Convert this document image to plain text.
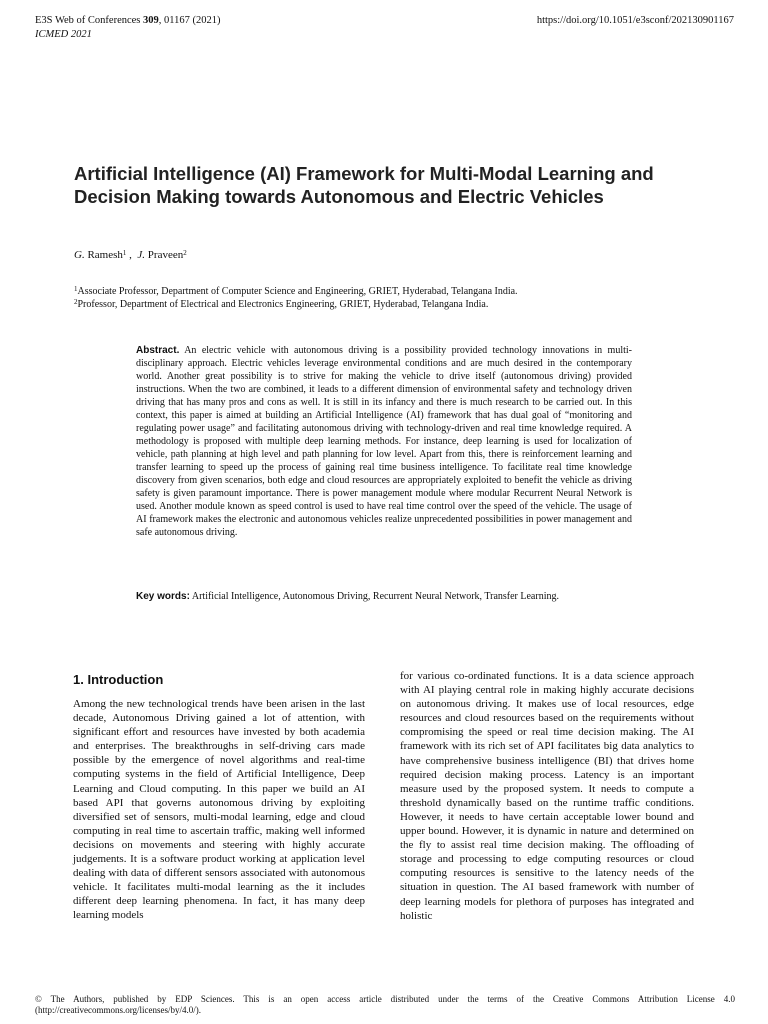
E3S Web of Conferences 309, 01167 (2021)
ICMED 2021
https://doi.org/10.1051/e3sconf/202130901167
Artificial Intelligence (AI) Framework for Multi-Modal Learning and Decision Making towards Autonomous and Electric Vehicles
G. Ramesh$^1$ ,  J. Praveen$^2$
$^1$Associate Professor, Department of Computer Science and Engineering, GRIET, Hyderabad, Telangana India.
$^2$Professor, Department of Electrical and Electronics Engineering, GRIET, Hyderabad, Telangana India.

Abstract. An electric vehicle with autonomous driving is a possibility provided technology innovations in multi-disciplinary approach. Electric vehicles leverage environmental conditions and are much desired in the contemporary world. Another great possibility is to strive for making the vehicle to drive itself (autonomous driving) provided instructions. When the two are combined, it leads to a different dimension of environmental safety and technology driven driving that has many pros and cons as well. It is still in its infancy and there is much research to be carried out. In this context, this paper is aimed at building an Artificial Intelligence (AI) framework that has dual goal of “monitoring and regulating power usage” and facilitating autonomous driving with technology-driven and real time knowledge required. A methodology is proposed with multiple deep learning methods. For instance, deep learning is used for localization of vehicle, path planning at high level and path planning for low level. Apart from this, there is reinforcement learning and transfer learning to speed up the process of gaining real time business intelligence. To facilitate real time knowledge discovery from given scenarios, both edge and cloud resources are appropriately exploited to benefit the vehicle as driving safety is given paramount importance. There is power management module where modular Recurrent Neural Network is used. Another module known as speed control is used to have real time control over the speed of the vehicle. The usage of AI framework makes the electronic and autonomous vehicles realize unprecedented possibilities in power management and safe autonomous driving.

Key words: Artificial Intelligence, Autonomous Driving, Recurrent Neural Network, Transfer Learning.
1. Introduction

Among the new technological trends have been arisen in the last decade, Autonomous Driving gained a lot of attention, with significant effort and resources have invested by both academia and enterprises. The breakthroughs in self-driving cars made possible by the emergence of novel algorithms and real-time computing systems in the field of Artificial Intelligence, Deep Learning and Cloud computing. In this paper we build an AI based API that governs autonomous driving by exploiting diversified set of sensors, multi-modal learning, edge and cloud computing in real time to ascertain traffic, making well informed decisions on movements and steering with highly accurate judgements. It is a software product working at application level dealing with data of different sensors associated with autonomous vehicle. It facilitates multi-modal learning as the it includes different deep learning phenomena. In fact, it has many deep learning models

for various co-ordinated functions. It is a data science approach with AI playing central role in making highly accurate decisions on autonomous driving. It makes use of local resources, edge resources and cloud resources based on the requirements without compromising the speed or real time decision making. The AI framework with its rich set of API facilitates big data analytics to have comprehensive business intelligence (BI) that drives home required decision making process. Latency is an important measure used by the proposed system. It needs to compute a threshold dynamically based on the runtime traffic conditions. However, it needs to have certain acceptable lower bound and upper bound. However, it is dynamic in nature and determined on the fly to assist real time decision making. The offloading of storage and processing to edge computing resources or cloud computing resources is sensitive to the latency needs of the situation in question. The AI based framework with number of deep learning models for plethora of purposes has integrated and holistic

© The Authors, published by EDP Sciences. This is an open access article distributed under the terms of the Creative Commons Attribution License 4.0 (http://creativecommons.org/licenses/by/4.0/).
